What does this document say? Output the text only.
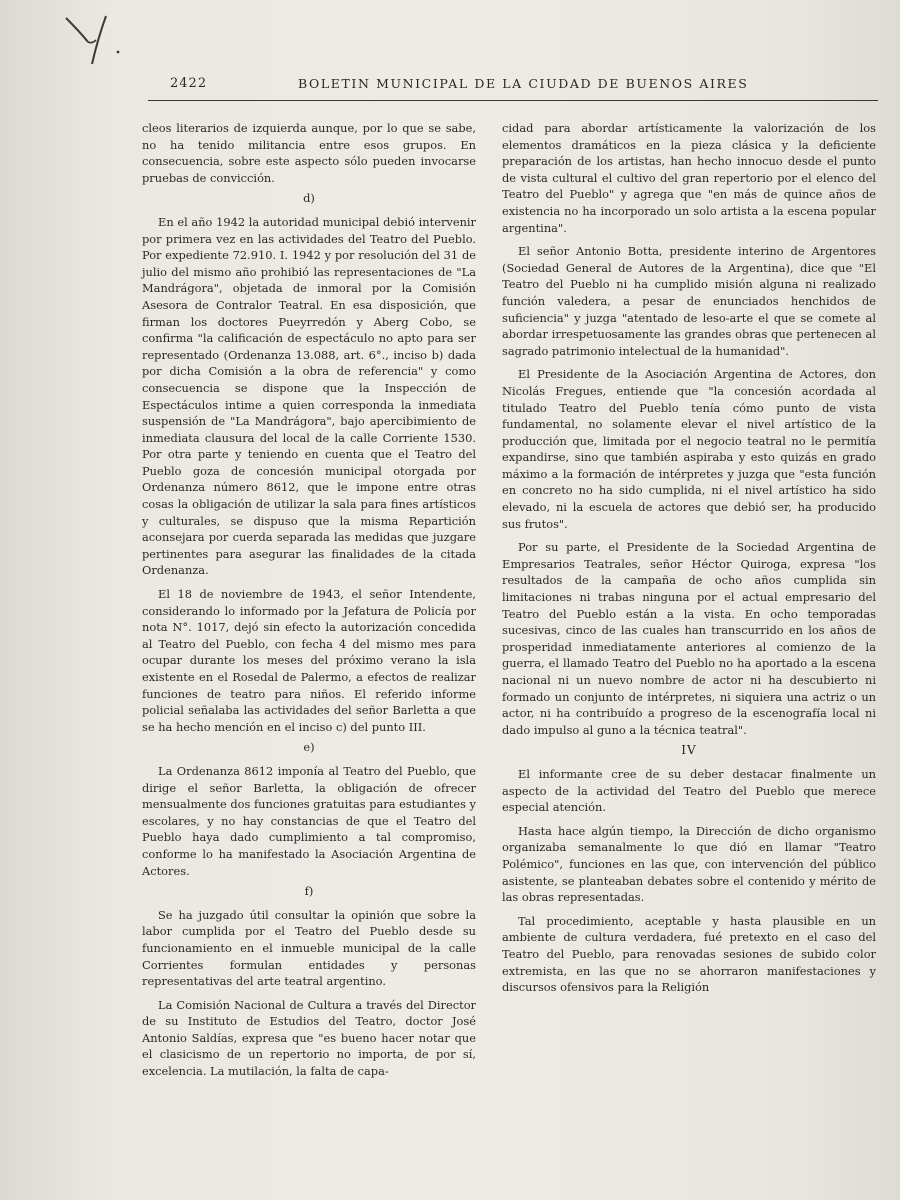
2422	BOLETIN MUNICIPAL DE LA CIUDAD DE BUENOS AIRES

cleos literarios de izquierda aunque, por lo que se sabe, no ha tenido militancia entre esos grupos. En consecuencia, sobre este aspecto sólo pueden invocarse pruebas de convicción.

d)

En el año 1942 la autoridad municipal debió intervenir por primera vez en las actividades del Teatro del Pueblo. Por expediente 72.910. I. 1942 y por resolución del 31 de julio del mismo año prohibió las representaciones de "La Mandrágora", objetada de inmoral por la Comisión Asesora de Contralor Teatral. En esa disposición, que firman los doctores Pueyrredón y Aberg Cobo, se confirma "la calificación de espectáculo no apto para ser representado (Ordenanza 13.088, art. 6°., inciso b) dada por dicha Comisión a la obra de referencia" y como consecuencia se dispone que la Inspección de Espectáculos intime a quien corresponda la inmediata suspensión de "La Mandrágora", bajo apercibimiento de inmediata clausura del local de la calle Corriente 1530. Por otra parte y teniendo en cuenta que el Teatro del Pueblo goza de concesión municipal otorgada por Ordenanza número 8612, que le impone entre otras cosas la obligación de utilizar la sala para fines artísticos y culturales, se dispuso que la misma Repartición aconsejara por cuerda separada las medidas que juzgare pertinentes para asegurar las finalidades de la citada Ordenanza.

El 18 de noviembre de 1943, el señor Intendente, considerando lo informado por la Jefatura de Policía por nota N°. 1017, dejó sin efecto la autorización concedida al Teatro del Pueblo, con fecha 4 del mismo mes para ocupar durante los meses del próximo verano la isla existente en el Rosedal de Palermo, a efectos de realizar funciones de teatro para niños. El referido informe policial señalaba las actividades del señor Barletta a que se ha hecho mención en el inciso c) del punto III.

e)

La Ordenanza 8612 imponía al Teatro del Pueblo, que dirige el señor Barletta, la obligación de ofrecer mensualmente dos funciones gratuitas para estudiantes y escolares, y no hay constancias de que el Teatro del Pueblo haya dado cumplimiento a tal compromiso, conforme lo ha manifestado la Asociación Argentina de Actores.

f)

Se ha juzgado útil consultar la opinión que sobre la labor cumplida por el Teatro del Pueblo desde su funcionamiento en el inmueble municipal de la calle Corrientes formulan entidades y personas representativas del arte teatral argentino.

La Comisión Nacional de Cultura a través del Director de su Instituto de Estudios del Teatro, doctor José Antonio Saldías, expresa que "es bueno hacer notar que el clasicismo de un repertorio no importa, de por sí, excelencia. La mutilación, la falta de capa-

cidad para abordar artísticamente la valorización de los elementos dramáticos en la pieza clásica y la deficiente preparación de los artistas, han hecho innocuo desde el punto de vista cultural el cultivo del gran repertorio por el elenco del Teatro del Pueblo" y agrega que "en más de quince años de existencia no ha incorporado un solo artista a la escena popular argentina".

El señor Antonio Botta, presidente interino de Argentores (Sociedad General de Autores de la Argentina), dice que "El Teatro del Pueblo ni ha cumplido misión alguna ni realizado función valedera, a pesar de enunciados henchidos de suficiencia" y juzga "atentado de leso-arte el que se comete al abordar irrespetuosamente las grandes obras que pertenecen al sagrado patrimonio intelectual de la humanidad".

El Presidente de la Asociación Argentina de Actores, don Nicolás Fregues, entiende que "la concesión acordada al titulado Teatro del Pueblo tenía cómo punto de vista fundamental, no solamente elevar el nivel artístico de la producción que, limitada por el negocio teatral no le permitía expandirse, sino que también aspiraba y esto quizás en grado máximo a la formación de intérpretes y juzga que "esta función en concreto no ha sido cumplida, ni el nivel artístico ha sido elevado, ni la escuela de actores que debió ser, ha producido sus frutos".

Por su parte, el Presidente de la Sociedad Argentina de Empresarios Teatrales, señor Héctor Quiroga, expresa "los resultados de la campaña de ocho años cumplida sin limitaciones ni trabas ninguna por el actual empresario del Teatro del Pueblo están a la vista. En ocho temporadas sucesivas, cinco de las cuales han transcurrido en los años de prosperidad inmediatamente anteriores al comienzo de la guerra, el llamado Teatro del Pueblo no ha aportado a la escena nacional ni un nuevo nombre de actor ni ha descubierto ni formado un conjunto de intérpretes, ni siquiera una actriz o un actor, ni ha contribuído a progreso de la escenografía local ni dado impulso al guno a la técnica teatral".

IV

El informante cree de su deber destacar finalmente un aspecto de la actividad del Teatro del Pueblo que merece especial atención.

Hasta hace algún tiempo, la Dirección de dicho organismo organizaba semanalmente lo que dió en llamar "Teatro Polémico", funciones en las que, con intervención del público asistente, se planteaban debates sobre el contenido y mérito de las obras representadas.

Tal procedimiento, aceptable y hasta plausible en un ambiente de cultura verdadera, fué pretexto en el caso del Teatro del Pueblo, para renovadas sesiones de subido color extremista, en las que no se ahorraron manifestaciones y discursos ofensivos para la Religión
